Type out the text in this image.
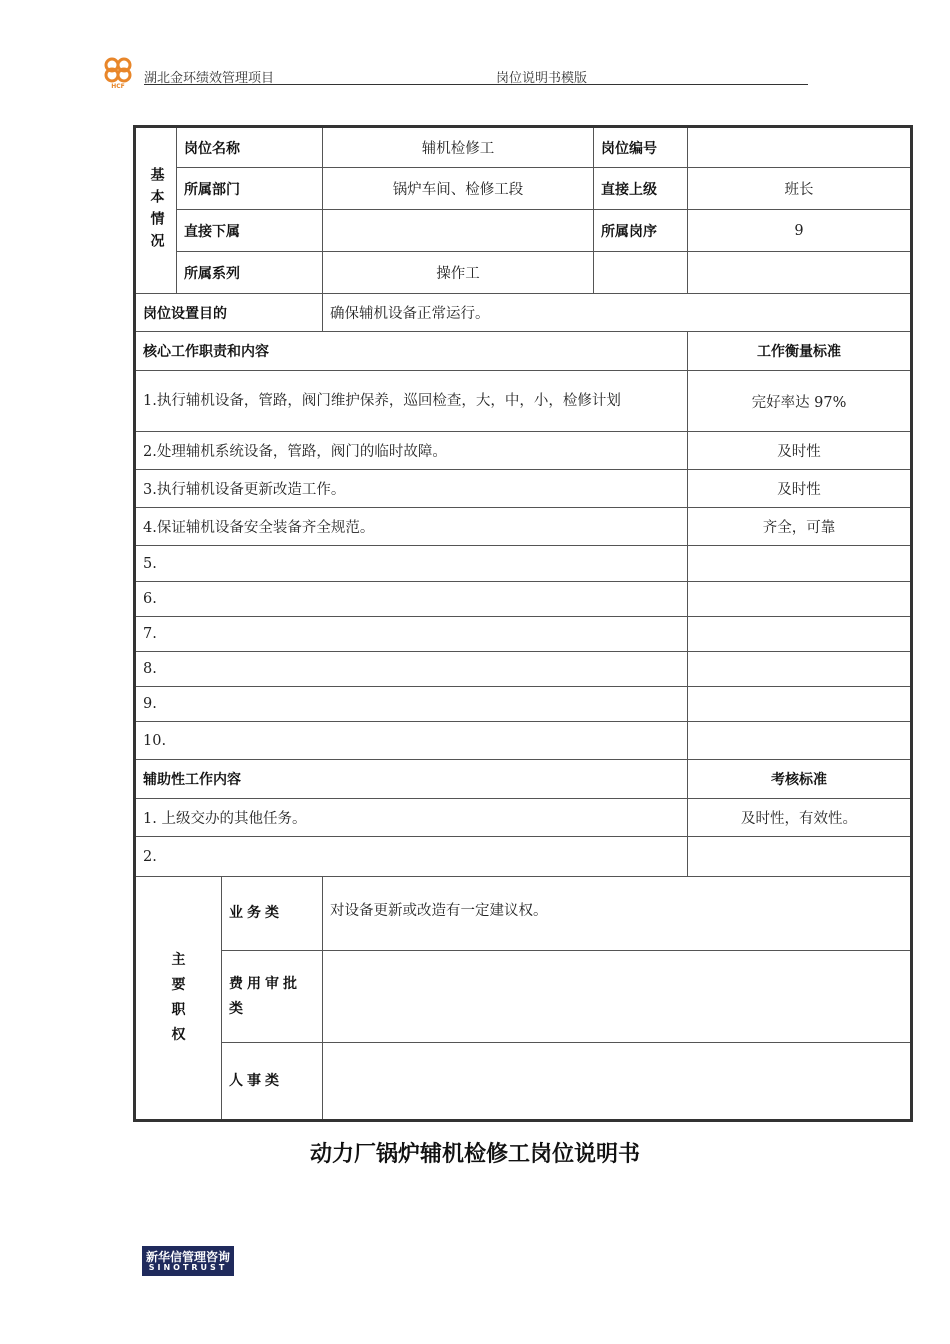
HCF
湖北金环绩效管理项目	岗位说明书模版
基本情况	岗位名称		辅机检修工	岗位编号	
	所属部门		锅炉车间、检修工段	直接上级	班长
	直接下属			所属岗序	9
	所属系列		操作工		
岗位设置目的			确保辅机设备正常运行。		
核心工作职责和内容					工作衡量标准
1.执行辅机设备，管路，阀门维护保养，巡回检查，大，中，小，检修计划					完好率达 97%
2.处理辅机系统设备，管路，阀门的临时故障。					及时性
3.执行辅机设备更新改造工作。					及时性
4.保证辅机设备安全装备齐全规范。					齐全，可靠
5.					
6.					
7.					
8.					
9.					
10.					
辅助性工作内容					考核标准
1. 上级交办的其他任务。					及时性，有效性。
2.					

主要职权		业务类	对设备更新或改造有一定建议权。		
		费用审批类			
		人事类			
动力厂锅炉辅机检修工岗位说明书
新华信管理咨询
SINOTRUST
